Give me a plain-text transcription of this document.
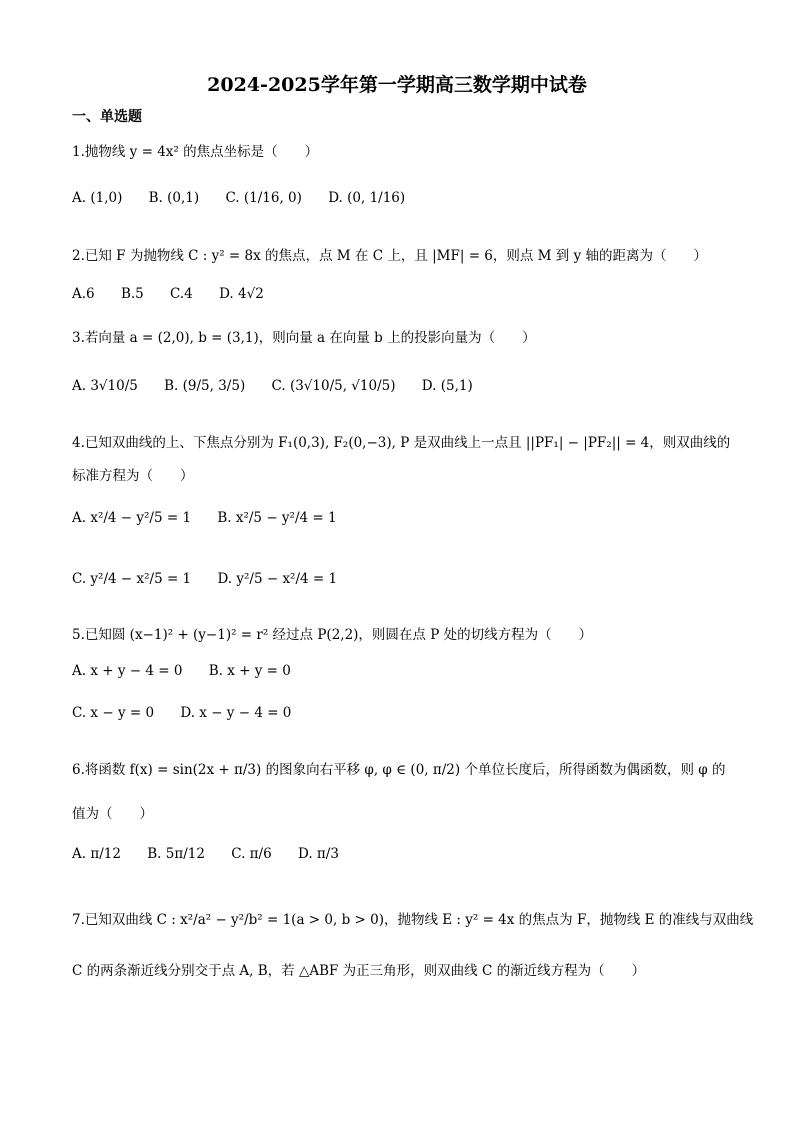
2024-2025学年第一学期高三数学期中试卷
一、单选题
1.抛物线 y = 4x² 的焦点坐标是（　　）
A. (1,0) B. (0,1) C. (1/16, 0) D. (0, 1/16)
2.已知 F 为抛物线 C : y² = 8x 的焦点，点 M 在 C 上，且 |MF| = 6，则点 M 到 y 轴的距离为（　　）
A.6 B.5 C.4 D. 4√2
3.若向量 a = (2,0), b = (3,1)，则向量 a 在向量 b 上的投影向量为（　　）
A. 3√10/5 B. (9/5, 3/5) C. (3√10/5, √10/5) D. (5,1)
4.已知双曲线的上、下焦点分别为 F₁(0,3), F₂(0,−3), P 是双曲线上一点且 ||PF₁| − |PF₂|| = 4，则双曲线的
标准方程为（　　）
A. x²/4 − y²/5 = 1 B. x²/5 − y²/4 = 1
C. y²/4 − x²/5 = 1 D. y²/5 − x²/4 = 1
5.已知圆 (x−1)² + (y−1)² = r² 经过点 P(2,2)，则圆在点 P 处的切线方程为（　　）
A. x + y − 4 = 0 B. x + y = 0
C. x − y = 0 D. x − y − 4 = 0
6.将函数 f(x) = sin(2x + π/3) 的图象向右平移 φ, φ ∈ (0, π/2) 个单位长度后，所得函数为偶函数，则 φ 的
值为（　　）
A. π/12 B. 5π/12 C. π/6 D. π/3
7.已知双曲线 C : x²/a² − y²/b² = 1(a > 0, b > 0)，抛物线 E : y² = 4x 的焦点为 F，抛物线 E 的准线与双曲线
C 的两条渐近线分别交于点 A, B，若 △ABF 为正三角形，则双曲线 C 的渐近线方程为（　　）
